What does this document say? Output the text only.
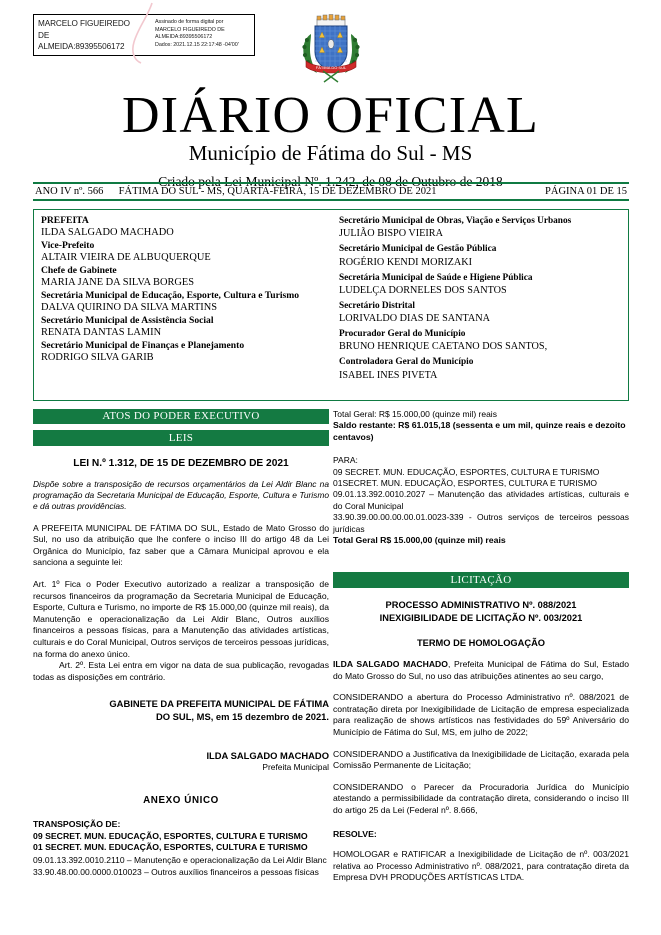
MARCELO FIGUEIREDO
DE
ALMEIDA:89395506172
Assinado de forma digital por
MARCELO FIGUEIREDO DE
ALMEIDA:89395506172
Dados: 2021.12.15 22:17:48 -04'00'
FÁTIMA DO SUL
DIÁRIO OFICIAL
Município de Fátima do Sul - MS
Criado pela Lei Municipal Nº. 1.242, de 08 de Outubro de 2018
ANO IV nº. 566 FÁTIMA DO SUL - MS, QUARTA-FEIRA, 15 DE DEZEMBRO DE 2021	PÁGINA 01 DE 15
PREFEITA
ILDA SALGADO MACHADO
Vice-Prefeito
ALTAIR VIEIRA DE ALBUQUERQUE
Chefe de Gabinete
MARIA JANE DA SILVA BORGES
Secretária Municipal de Educação, Esporte, Cultura e Turismo
DALVA QUIRINO DA SILVA MARTINS
Secretário Municipal de Assistência Social
RENATA DANTAS LAMIN
Secretário Municipal de Finanças e Planejamento
RODRIGO SILVA GARIB
Secretário Municipal de Obras, Viação e Serviços Urbanos
JULIÃO BISPO VIEIRA
Secretário Municipal de Gestão Pública
ROGÉRIO KENDI MORIZAKI
Secretária Municipal de Saúde e Higiene Pública
LUDELÇA DORNELES DOS SANTOS
Secretário Distrital
LORIVALDO DIAS DE SANTANA
Procurador Geral do Município
BRUNO HENRIQUE CAETANO DOS SANTOS,
Controladora Geral do Município
ISABEL INES PIVETA
ATOS DO PODER EXECUTIVO
LEIS
LEI N.º 1.312, DE 15 DE DEZEMBRO DE 2021
Dispõe sobre a transposição de recursos orçamentários da Lei Aldir Blanc na programação da Secretaria Municipal de Educação, Esporte, Cultura e Turismo e dá outras providências.
A PREFEITA MUNICIPAL DE FÁTIMA DO SUL, Estado de Mato Grosso do Sul, no uso da atribuição que lhe confere o inciso III do artigo 48 da Lei Orgânica do Município, faz saber que a Câmara Municipal aprovou e ela sanciona a seguinte lei:
Art. 1º Fica o Poder Executivo autorizado a realizar a transposição de recursos financeiros da programação da Secretaria Municipal de Educação, Esporte, Cultura e Turismo, no importe de R$ 15.000,00 (quinze mil reais), da Manutenção e operacionalização da Lei Aldir Blanc, Outros auxílios financeiros a pessoas físicas, para a Manutenção das atividades artísticas, culturais e do Coral Municipal, Outros serviços de terceiros pessoas jurídicas, na forma do anexo único.
Art. 2º. Esta Lei entra em vigor na data de sua publicação, revogadas todas as disposições em contrário.
GABINETE DA PREFEITA MUNICIPAL DE FÁTIMA
DO SUL, MS, em 15 dezembro de 2021.
ILDA SALGADO MACHADO
Prefeita Municipal
ANEXO ÚNICO
TRANSPOSIÇÃO DE:
09 SECRET. MUN. EDUCAÇÃO, ESPORTES, CULTURA E TURISMO
01 SECRET. MUN. EDUCAÇÃO, ESPORTES, CULTURA E TURISMO
09.01.13.392.0010.2110 – Manutenção e operacionalização da Lei Aldir Blanc
33.90.48.00.00.0000.010023 – Outros auxílios financeiros a pessoas físicas
Total Geral: R$ 15.000,00 (quinze mil) reais
Saldo restante: R$ 61.015,18 (sessenta e um mil, quinze reais e dezoito centavos)
PARA:
09 SECRET. MUN. EDUCAÇÃO, ESPORTES, CULTURA E TURISMO
01SECRET. MUN. EDUCAÇÃO, ESPORTES, CULTURA E TURISMO
09.01.13.392.0010.2027 – Manutenção das atividades artísticas, culturais e do Coral Municipal
33.90.39.00.00.00.00.01.0023-339 - Outros serviços de terceiros pessoas jurídicas
Total Geral R$ 15.000,00 (quinze mil) reais
LICITAÇÃO
PROCESSO ADMINISTRATIVO Nº. 088/2021
INEXIGIBILIDADE DE LICITAÇÃO Nº. 003/2021
TERMO DE HOMOLOGAÇÃO
ILDA SALGADO MACHADO, Prefeita Municipal de Fátima do Sul, Estado do Mato Grosso do Sul, no uso das atribuições atinentes ao seu cargo,
CONSIDERANDO a abertura do Processo Administrativo nº. 088/2021 de contratação direta por Inexigibilidade de Licitação de empresa especializada para realização de shows artísticos nas festividades do 59º Aniversário do Município de Fátima do Sul, MS, em julho de 2022;
CONSIDERANDO a Justificativa da Inexigibilidade de Licitação, exarada pela Comissão Permanente de Licitação;
CONSIDERANDO o Parecer da Procuradoria Jurídica do Município atestando a permissibilidade da contratação direta, considerando o inciso III do artigo 25 da Lei (Federal nº. 8.666,
RESOLVE:
HOMOLOGAR e RATIFICAR a Inexigibilidade de Licitação de nº. 003/2021 relativa ao Processo Administrativo nº. 088/2021, para contratação direta da Empresa DVH PRODUÇÕES ARTÍSTICAS LTDA.
